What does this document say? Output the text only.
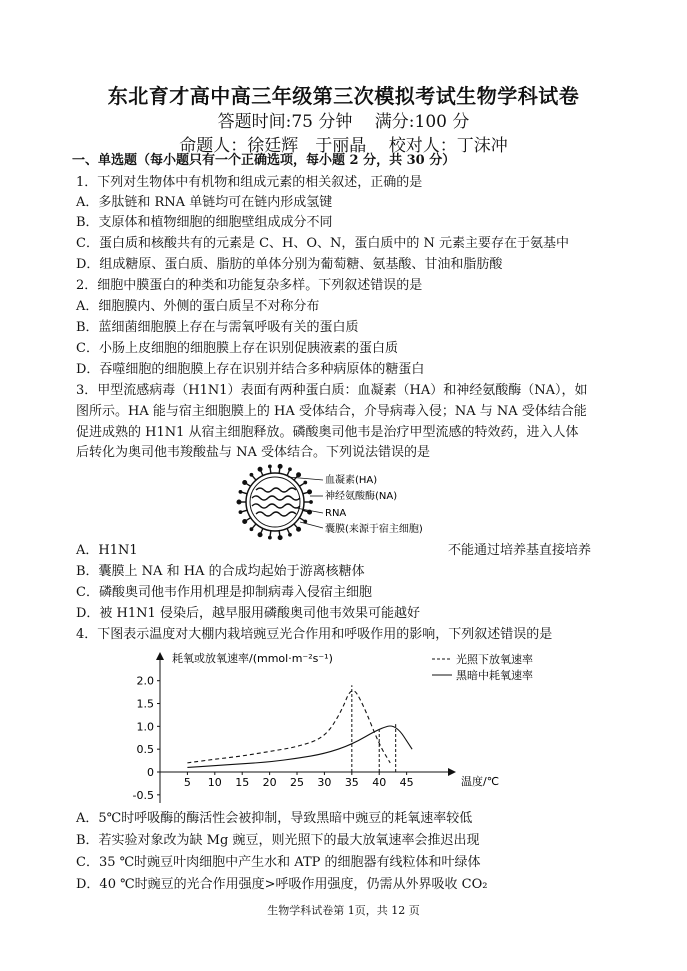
东北育才高中高三年级第三次模拟考试生物学科试卷
答题时间:75 分钟　 满分:100 分
命题人：徐廷辉　于丽晶　 校对人：丁沫冲
一、单选题（每小题只有一个正确选项，每小题 2 分，共 30 分）
1．下列对生物体中有机物和组成元素的相关叙述，正确的是
A．多肽链和 RNA 单链均可在链内形成氢键
B．支原体和植物细胞的细胞壁组成成分不同
C．蛋白质和核酸共有的元素是 C、H、O、N，蛋白质中的 N 元素主要存在于氨基中
D．组成糖原、蛋白质、脂肪的单体分别为葡萄糖、氨基酸、甘油和脂肪酸
2．细胞中膜蛋白的种类和功能复杂多样。下列叙述错误的是
A．细胞膜内、外侧的蛋白质呈不对称分布
B．蓝细菌细胞膜上存在与需氧呼吸有关的蛋白质
C．小肠上皮细胞的细胞膜上存在识别促胰液素的蛋白质
D．吞噬细胞的细胞膜上存在识别并结合多种病原体的糖蛋白
3．甲型流感病毒（H1N1）表面有两种蛋白质：血凝素（HA）和神经氨酸酶（NA），如
图所示。HA 能与宿主细胞膜上的 HA 受体结合，介导病毒入侵；NA 与 NA 受体结合能
促进成熟的 H1N1 从宿主细胞释放。磷酸奥司他韦是治疗甲型流感的特效药，进入人体
后转化为奥司他韦羧酸盐与 NA 受体结合。下列说法错误的是
血凝素(HA)
神经氨酸酶(NA)
RNA
囊膜(来源于宿主细胞)
A．H1N1	不能通过培养基直接培养
B．囊膜上 NA 和 HA 的合成均起始于游离核糖体
C．磷酸奥司他韦作用机理是抑制病毒入侵宿主细胞
D．被 H1N1 侵染后，越早服用磷酸奥司他韦效果可能越好
4．下图表示温度对大棚内栽培豌豆光合作用和呼吸作用的影响，下列叙述错误的是
耗氧或放氧速率/(mmol·m⁻²s⁻¹)
温度/℃
5 10 15 20 25 30 35 40 45
2.0
1.5
1.0
0.5
0
-0.5
光照下放氧速率
黑暗中耗氧速率
A．5℃时呼吸酶的酶活性会被抑制，导致黑暗中豌豆的耗氧速率较低
B．若实验对象改为缺 Mg 豌豆，则光照下的最大放氧速率会推迟出现
C．35 ℃时豌豆叶肉细胞中产生水和 ATP 的细胞器有线粒体和叶绿体
D．40 ℃时豌豆的光合作用强度>呼吸作用强度，仍需从外界吸收 CO₂
生物学科试卷第 1页，共 12 页
